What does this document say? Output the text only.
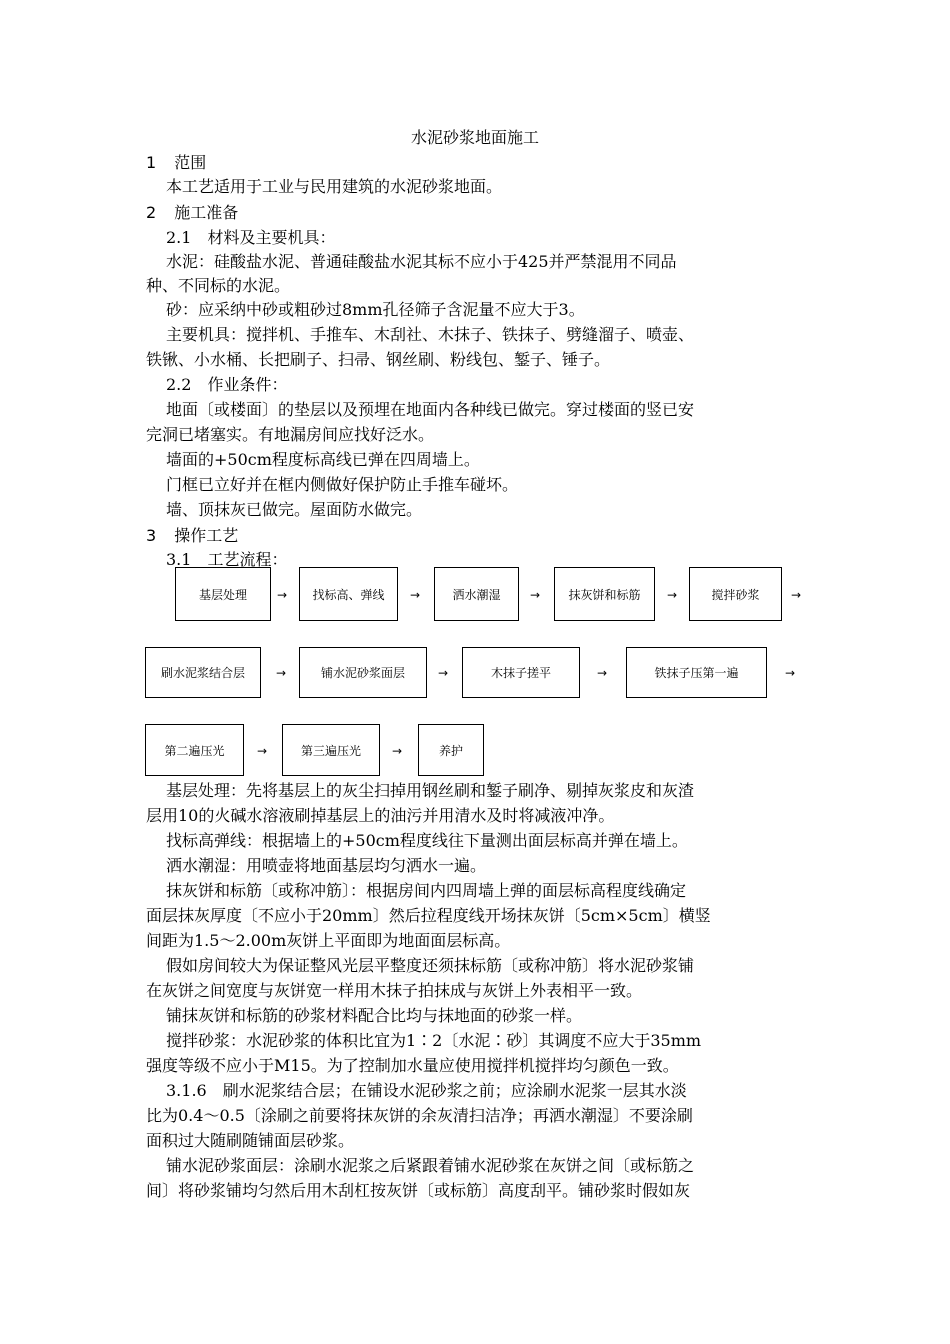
水泥砂浆地面施工
1 范围
本工艺适用于工业与民用建筑的水泥砂浆地面。
2 施工准备
2.1　材料及主要机具：
水泥：硅酸盐水泥、普通硅酸盐水泥其标不应小于425并严禁混用不同品
种、不同标的水泥。
砂：应采纳中砂或粗砂过8mm孔径筛子含泥量不应大于3。
主要机具：搅拌机、手推车、木刮社、木抹子、铁抹子、劈缝溜子、喷壶、
铁锹、小水桶、长把刷子、扫帚、钢丝刷、粉线包、錾子、锤子。
2.2　作业条件：
地面〔或楼面〕的垫层以及预埋在地面内各种线已做完。穿过楼面的竖已安
完洞已堵塞实。有地漏房间应找好泛水。
墙面的+50cm程度标高线已弹在四周墙上。
门框已立好并在框内侧做好保护防止手推车碰坏。
墙、顶抹灰已做完。屋面防水做完。
3 操作工艺
3.1　工艺流程：
基层处理	→	找标高、弹线	→	洒水潮湿	→	抹灰饼和标筋	→	搅拌砂浆	→
刷水泥浆结合层	→	铺水泥砂浆面层	→	木抹子搓平	→	铁抹子压第一遍	→
第二遍压光	→	第三遍压光	→	养护
基层处理：先将基层上的灰尘扫掉用钢丝刷和錾子刷净、剔掉灰浆皮和灰渣
层用10的火碱水溶液刷掉基层上的油污并用清水及时将减液冲净。
找标高弹线：根据墙上的+50cm程度线往下量测出面层标高并弹在墙上。
洒水潮湿：用喷壶将地面基层均匀洒水一遍。
抹灰饼和标筋〔或称冲筋〕：根据房间内四周墙上弹的面层标高程度线确定
面层抹灰厚度〔不应小于20mm〕然后拉程度线开场抹灰饼〔5cm×5cm〕横竖
间距为1.5～2.00m灰饼上平面即为地面面层标高。
假如房间较大为保证整风光层平整度还须抹标筋〔或称冲筋〕将水泥砂浆铺
在灰饼之间宽度与灰饼宽一样用木抹子拍抹成与灰饼上外表相平一致。
铺抹灰饼和标筋的砂浆材料配合比均与抹地面的砂浆一样。
搅拌砂浆：水泥砂浆的体积比宜为1∶2〔水泥∶砂〕其调度不应大于35mm
强度等级不应小于M15。为了控制加水量应使用搅拌机搅拌均匀颜色一致。
3.1.6　刷水泥浆结合层；在铺设水泥砂浆之前；应涂刷水泥浆一层其水淡
比为0.4～0.5〔涂刷之前要将抹灰饼的余灰清扫洁净；再洒水潮湿〕不要涂刷
面积过大随刷随铺面层砂浆。
铺水泥砂浆面层：涂刷水泥浆之后紧跟着铺水泥砂浆在灰饼之间〔或标筋之
间〕将砂浆铺均匀然后用木刮杠按灰饼〔或标筋〕高度刮平。铺砂浆时假如灰
